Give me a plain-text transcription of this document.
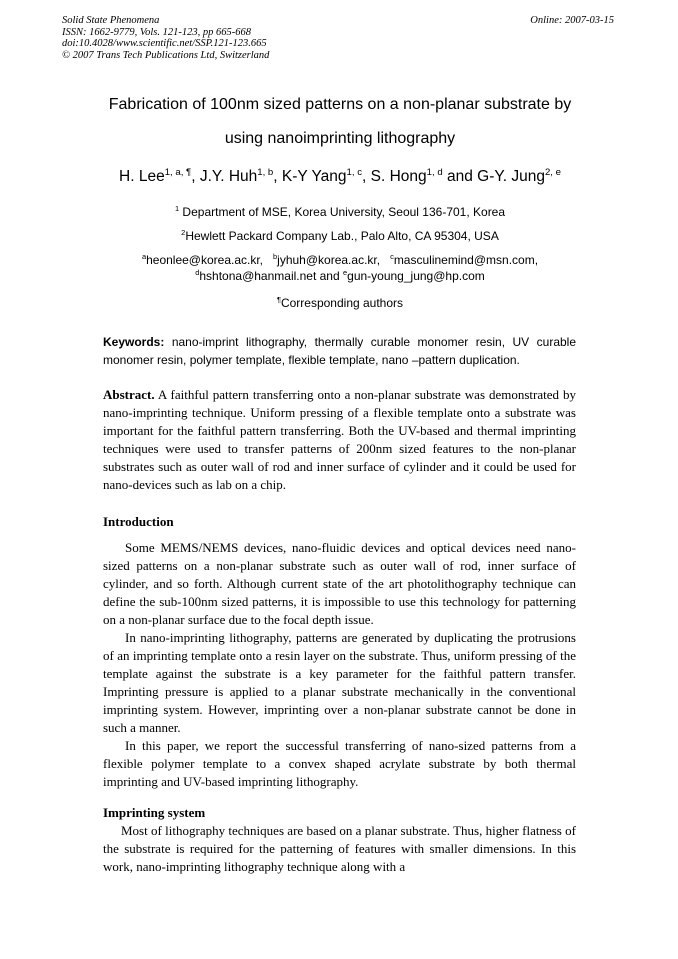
Solid State Phenomena
ISSN: 1662-9779, Vols. 121-123, pp 665-668
doi:10.4028/www.scientific.net/SSP.121-123.665
© 2007 Trans Tech Publications Ltd, Switzerland
Online: 2007-03-15
Fabrication of 100nm sized patterns on a non-planar substrate by
using nanoimprinting lithography
H. Lee$^{1, a, \P}$, J.Y. Huh$^{1, b}$, K-Y Yang$^{1, c}$, S. Hong$^{1, d}$ and G-Y. Jung$^{2, e}$
$^1$ Department of MSE, Korea University, Seoul 136-701, Korea
$^2$Hewlett Packard Company Lab., Palo Alto, CA 95304, USA
$^a$heonlee@korea.ac.kr, $^b$jyhuh@korea.ac.kr, $^c$masculinemind@msn.com,
$^d$hshtona@hanmail.net and $^e$gun-young_jung@hp.com
¶Corresponding authors
Keywords: nano-imprint lithography, thermally curable monomer resin, UV curable monomer resin, polymer template, flexible template, nano –pattern duplication.

Abstract. A faithful pattern transferring onto a non-planar substrate was demonstrated by nano-imprinting technique. Uniform pressing of a flexible template onto a substrate was important for the faithful pattern transferring. Both the UV-based and thermal imprinting techniques were used to transfer patterns of 200nm sized features to the non-planar substrates such as outer wall of rod and inner surface of cylinder and it could be used for nano-devices such as lab on a chip.

Introduction

Some MEMS/NEMS devices, nano-fluidic devices and optical devices need nano-sized patterns on a non-planar substrate such as outer wall of rod, inner surface of cylinder, and so forth. Although current state of the art photolithography technique can define the sub-100nm sized patterns, it is impossible to use this technology for patterning on a non-planar surface due to the focal depth issue.

In nano-imprinting lithography, patterns are generated by duplicating the protrusions of an imprinting template onto a resin layer on the substrate. Thus, uniform pressing of the template against the substrate is a key parameter for the faithful pattern transfer. Imprinting pressure is applied to a planar substrate mechanically in the conventional imprinting system. However, imprinting over a non-planar substrate cannot be done in such a manner.

In this paper, we report the successful transferring of nano-sized patterns from a flexible polymer template to a convex shaped acrylate substrate by both thermal imprinting and UV-based imprinting lithography.

Imprinting system

Most of lithography techniques are based on a planar substrate. Thus, higher flatness of the substrate is required for the patterning of features with smaller dimensions. In this work, nano-imprinting lithography technique along with a
